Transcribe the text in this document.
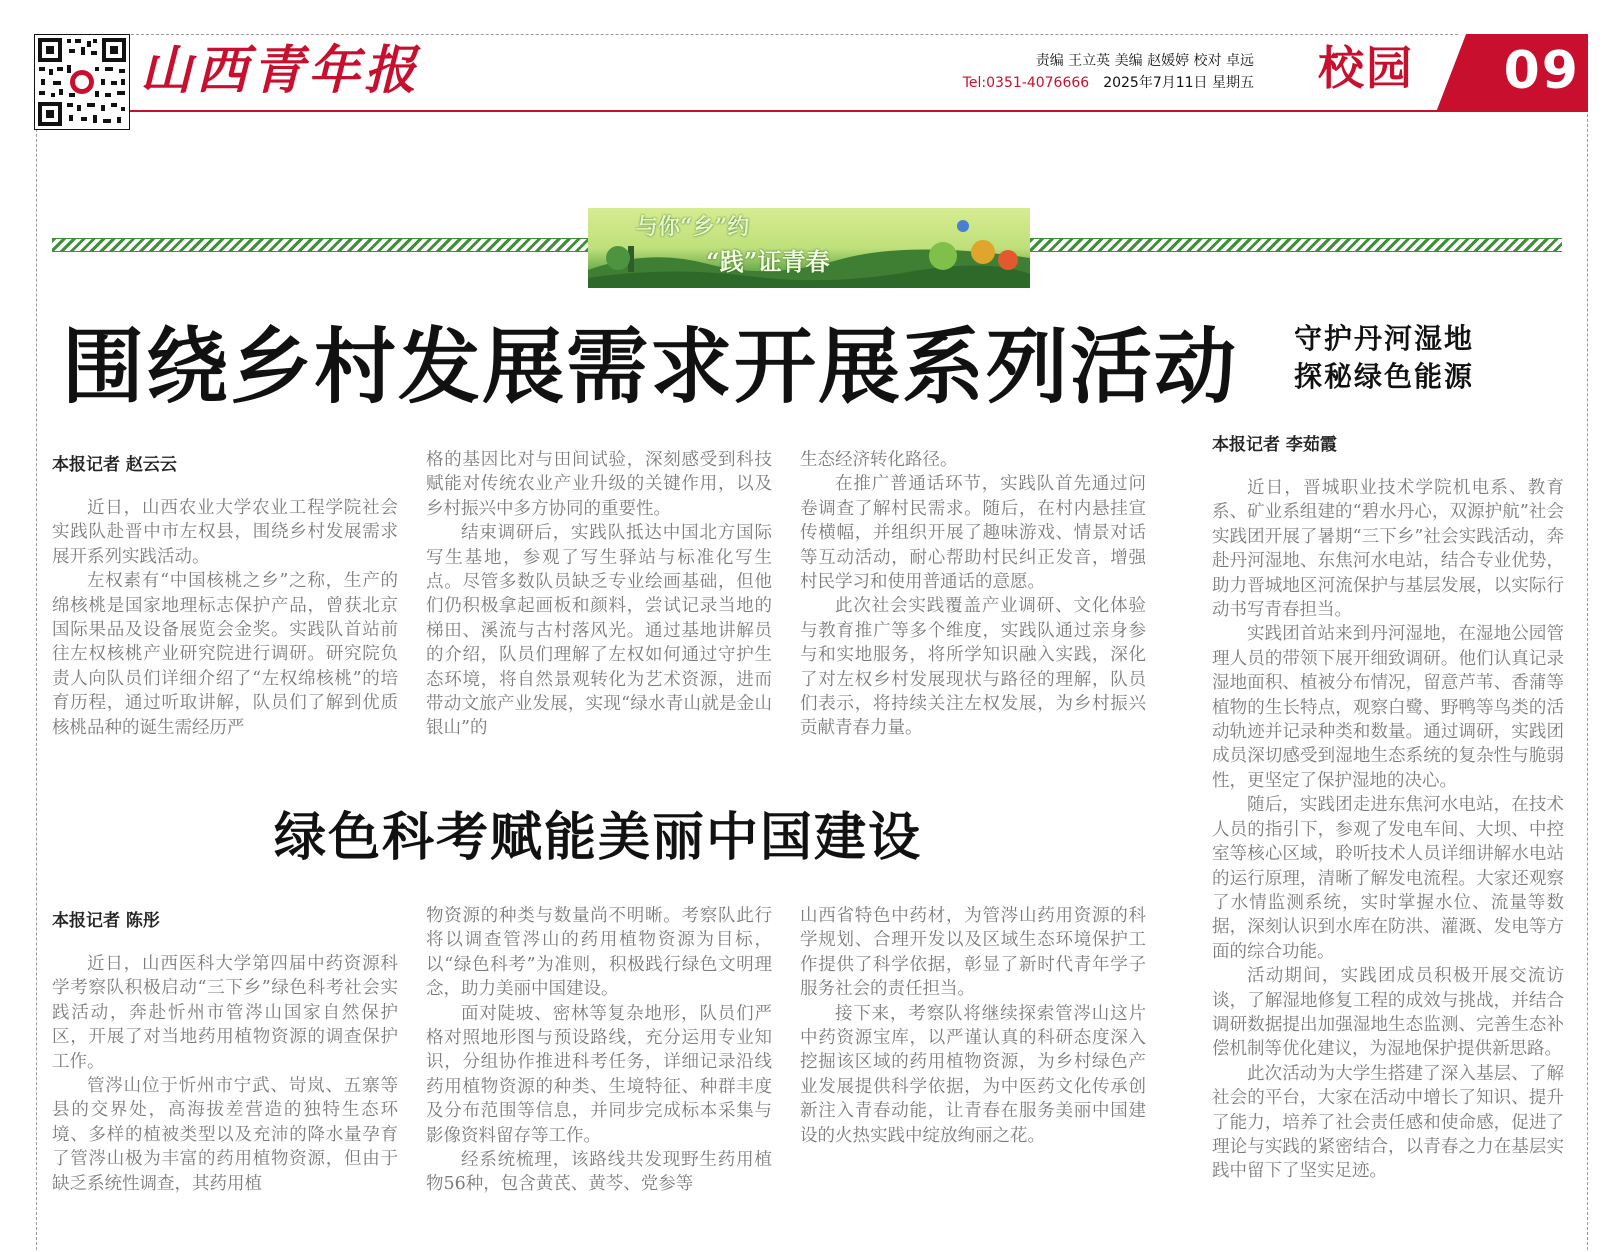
山西青年报	责编 王立英 美编 赵媛婷 校对 卓远
Tel:0351-4076666 2025年7月11日 星期五 校园 09
与你“乡”约
“践”证青春
围绕乡村发展需求开展系列活动
本报记者 赵云云

近日，山西农业大学农业工程学院社会实践队赴晋中市左权县，围绕乡村发展需求展开系列实践活动。

左权素有“中国核桃之乡”之称，生产的绵核桃是国家地理标志保护产品，曾获北京国际果品及设备展览会金奖。实践队首站前往左权核桃产业研究院进行调研。研究院负责人向队员们详细介绍了“左权绵核桃”的培育历程，通过听取讲解，队员们了解到优质核桃品种的诞生需经历严

格的基因比对与田间试验，深刻感受到科技赋能对传统农业产业升级的关键作用，以及乡村振兴中多方协同的重要性。

结束调研后，实践队抵达中国北方国际写生基地，参观了写生驿站与标准化写生点。尽管多数队员缺乏专业绘画基础，但他们仍积极拿起画板和颜料，尝试记录当地的梯田、溪流与古村落风光。通过基地讲解员的介绍，队员们理解了左权如何通过守护生态环境，将自然景观转化为艺术资源，进而带动文旅产业发展，实现“绿水青山就是金山银山”的

生态经济转化路径。

在推广普通话环节，实践队首先通过问卷调查了解村民需求。随后，在村内悬挂宣传横幅，并组织开展了趣味游戏、情景对话等互动活动，耐心帮助村民纠正发音，增强村民学习和使用普通话的意愿。

此次社会实践覆盖产业调研、文化体验与教育推广等多个维度，实践队通过亲身参与和实地服务，将所学知识融入实践，深化了对左权乡村发展现状与路径的理解，队员们表示，将持续关注左权发展，为乡村振兴贡献青春力量。

绿色科考赋能美丽中国建设
本报记者 陈彤

近日，山西医科大学第四届中药资源科学考察队积极启动“三下乡”绿色科考社会实践活动，奔赴忻州市管涔山国家自然保护区，开展了对当地药用植物资源的调查保护工作。

管涔山位于忻州市宁武、岢岚、五寨等县的交界处，高海拔差营造的独特生态环境、多样的植被类型以及充沛的降水量孕育了管涔山极为丰富的药用植物资源，但由于缺乏系统性调查，其药用植

物资源的种类与数量尚不明晰。考察队此行将以调查管涔山的药用植物资源为目标，以“绿色科考”为准则，积极践行绿色文明理念，助力美丽中国建设。

面对陡坡、密林等复杂地形，队员们严格对照地形图与预设路线，充分运用专业知识，分组协作推进科考任务，详细记录沿线药用植物资源的种类、生境特征、种群丰度及分布范围等信息，并同步完成标本采集与影像资料留存等工作。

经系统梳理，该路线共发现野生药用植物56种，包含黄芪、黄芩、党参等

山西省特色中药材，为管涔山药用资源的科学规划、合理开发以及区域生态环境保护工作提供了科学依据，彰显了新时代青年学子服务社会的责任担当。

接下来，考察队将继续探索管涔山这片中药资源宝库，以严谨认真的科研态度深入挖掘该区域的药用植物资源，为乡村绿色产业发展提供科学依据，为中医药文化传承创新注入青春动能，让青春在服务美丽中国建设的火热实践中绽放绚丽之花。

守护丹河湿地
探秘绿色能源
本报记者 李茹霞

近日，晋城职业技术学院机电系、教育系、矿业系组建的“碧水丹心，双源护航”社会实践团开展了暑期“三下乡”社会实践活动，奔赴丹河湿地、东焦河水电站，结合专业优势，助力晋城地区河流保护与基层发展，以实际行动书写青春担当。

实践团首站来到丹河湿地，在湿地公园管理人员的带领下展开细致调研。他们认真记录湿地面积、植被分布情况，留意芦苇、香蒲等植物的生长特点，观察白鹭、野鸭等鸟类的活动轨迹并记录种类和数量。通过调研，实践团成员深切感受到湿地生态系统的复杂性与脆弱性，更坚定了保护湿地的决心。

随后，实践团走进东焦河水电站，在技术人员的指引下，参观了发电车间、大坝、中控室等核心区域，聆听技术人员详细讲解水电站的运行原理，清晰了解发电流程。大家还观察了水情监测系统，实时掌握水位、流量等数据，深刻认识到水库在防洪、灌溉、发电等方面的综合功能。

活动期间，实践团成员积极开展交流访谈，了解湿地修复工程的成效与挑战，并结合调研数据提出加强湿地生态监测、完善生态补偿机制等优化建议，为湿地保护提供新思路。

此次活动为大学生搭建了深入基层、了解社会的平台，大家在活动中增长了知识、提升了能力，培养了社会责任感和使命感，促进了理论与实践的紧密结合，以青春之力在基层实践中留下了坚实足迹。
